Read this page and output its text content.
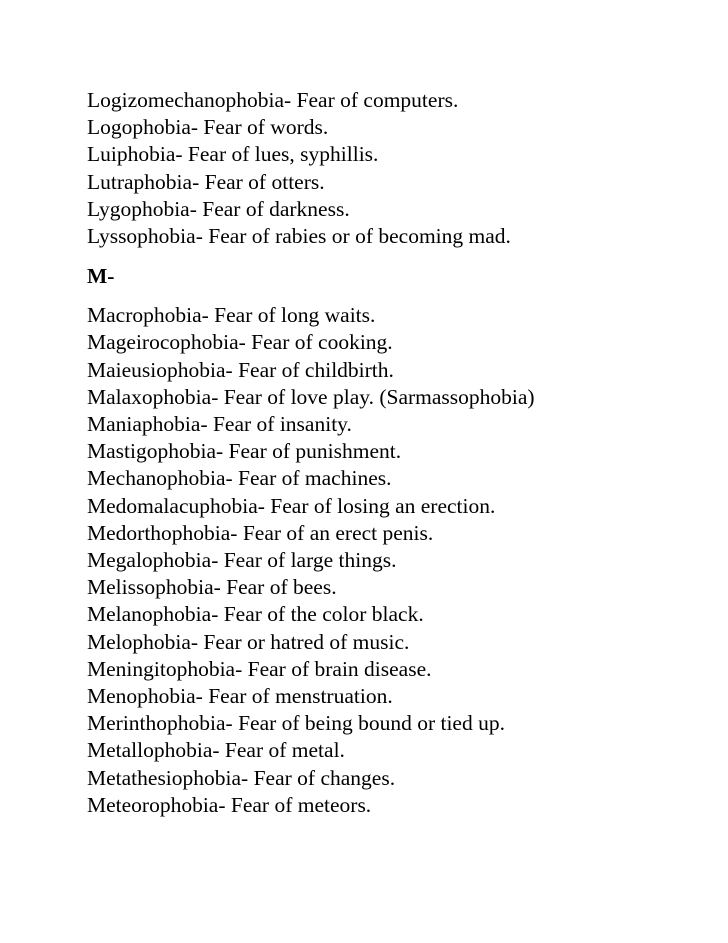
Logizomechanophobia- Fear of computers.
Logophobia- Fear of words.
Luiphobia- Fear of lues, syphillis.
Lutraphobia- Fear of otters.
Lygophobia- Fear of darkness.
Lyssophobia- Fear of rabies or of becoming mad.
M-
Macrophobia- Fear of long waits.
Mageirocophobia- Fear of cooking.
Maieusiophobia- Fear of childbirth.
Malaxophobia- Fear of love play. (Sarmassophobia)
Maniaphobia- Fear of insanity.
Mastigophobia- Fear of punishment.
Mechanophobia- Fear of machines.
Medomalacuphobia- Fear of losing an erection.
Medorthophobia- Fear of an erect penis.
Megalophobia- Fear of large things.
Melissophobia- Fear of bees.
Melanophobia- Fear of the color black.
Melophobia- Fear or hatred of music.
Meningitophobia- Fear of brain disease.
Menophobia- Fear of menstruation.
Merinthophobia- Fear of being bound or tied up.
Metallophobia- Fear of metal.
Metathesiophobia- Fear of changes.
Meteorophobia- Fear of meteors.
